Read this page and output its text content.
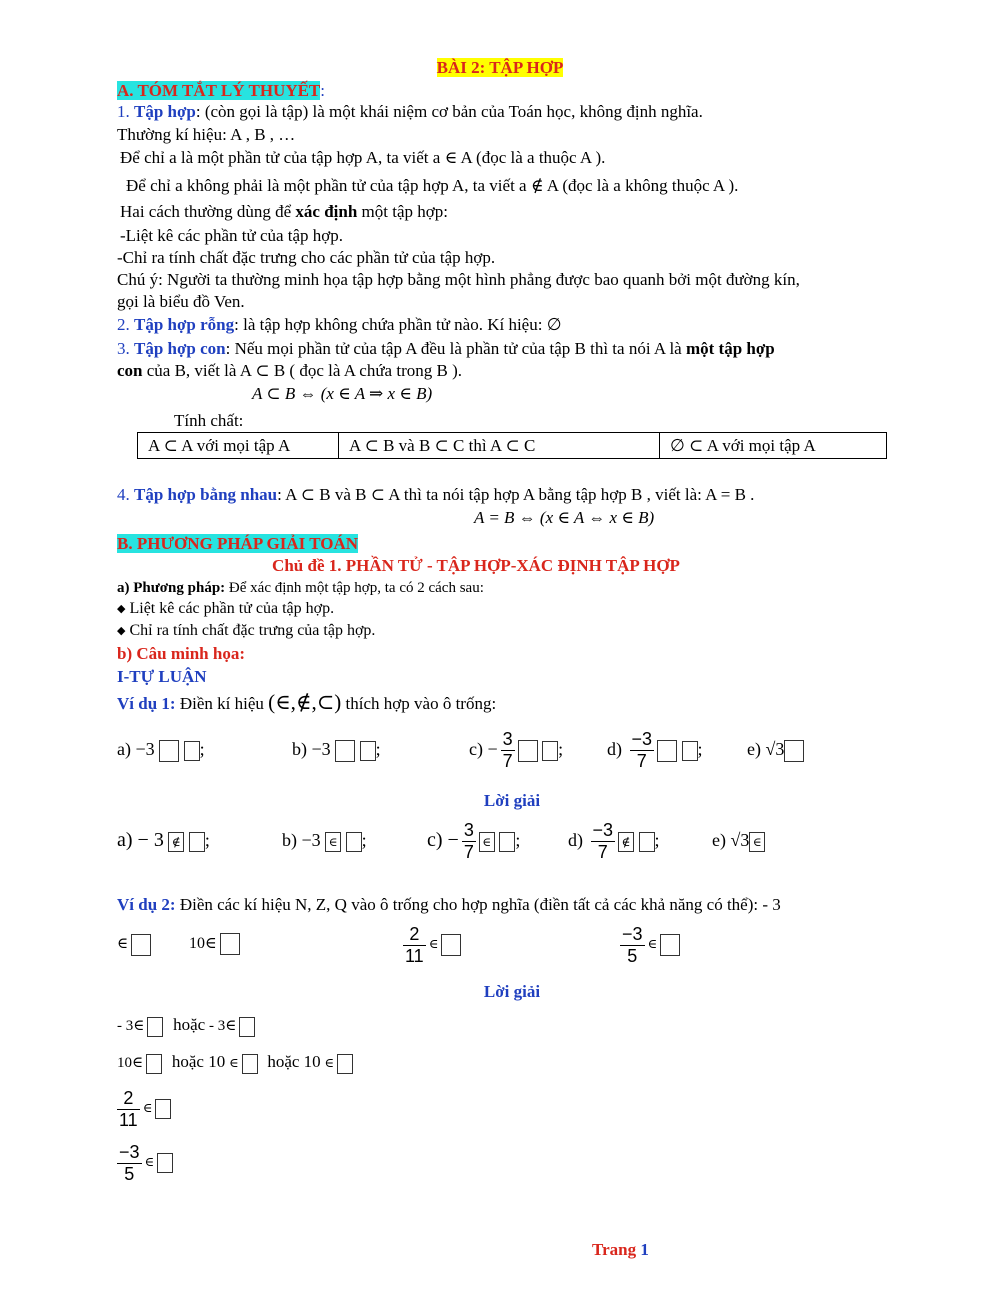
BÀI 2: TẬP HỢP
A. TÓM TẮT LÝ THUYẾT:
1. Tập hợp: (còn gọi là tập) là một khái niệm cơ bản của Toán học, không định nghĩa.
Thường kí hiệu: A , B , …
Để chỉ a là một phần tử của tập hợp A, ta viết a ∈ A (đọc là a thuộc A ).
Để chỉ a không phải là một phần tử của tập hợp A, ta viết a ∉ A (đọc là a không thuộc A ).
Hai cách thường dùng để xác định một tập hợp:
-Liệt kê các phần tử của tập hợp.
-Chỉ ra tính chất đặc trưng cho các phần tử của tập hợp.
Chú ý: Người ta thường minh họa tập hợp bằng một hình phẳng được bao quanh bởi một đường kín,
gọi là biểu đồ Ven.
2. Tập hợp rỗng: là tập hợp không chứa phần tử nào. Kí hiệu: ∅
3. Tập hợp con: Nếu mọi phần tử của tập A đều là phần tử của tập B thì ta nói A là một tập hợp
con của B, viết là A ⊂ B ( đọc là A chứa trong B ).
A ⊂ B ⇔ (x ∈ A ⇒ x ∈ B)
Tính chất:
A ⊂ A với mọi tập A	A ⊂ B và B ⊂ C thì A ⊂ C	∅ ⊂ A với mọi tập A
4. Tập hợp bằng nhau: A ⊂ B và B ⊂ A thì ta nói tập hợp A bằng tập hợp B , viết là: A = B .
A = B ⇔ (x ∈ A ⇔ x ∈ B)
B. PHƯƠNG PHÁP GIẢI TOÁN
Chủ đề 1. PHẦN TỬ - TẬP HỢP-XÁC ĐỊNH TẬP HỢP
a) Phương pháp: Để xác định một tập hợp, ta có 2 cách sau:
◆ Liệt kê các phần tử của tập hợp.
◆ Chỉ ra tính chất đặc trưng của tập hợp.
b) Câu minh họa:
I-TỰ LUẬN
Ví dụ 1: Điền kí hiệu (∈,∉,⊂) thích hợp vào ô trống:
a) −3	;	b) −3	;	$c) - \frac{3}{7}$ ; $d) \frac{-3}{7}$ ; e) √3
Lời giải
a) − 3 ∉ ;	b) −3 ∈ ;	$c) - \frac{3}{7}$ ∈ ;	$d) \frac{-3}{7}$ ∉ ;	e) √3 ∈
Ví dụ 2: Điền các kí hiệu N, Z, Q vào ô trống cho hợp nghĩa (điền tất cả các khả năng có thể): - 3
∈	10∈	$\frac{2}{11}$ ∈	$\frac{-3}{5}$ ∈
Lời giải
- 3∈ hoặc - 3∈
10∈ hoặc 10 ∈ hoặc 10 ∈
$\frac{2}{11}$ ∈
$\frac{-3}{5}$ ∈
Trang 1
